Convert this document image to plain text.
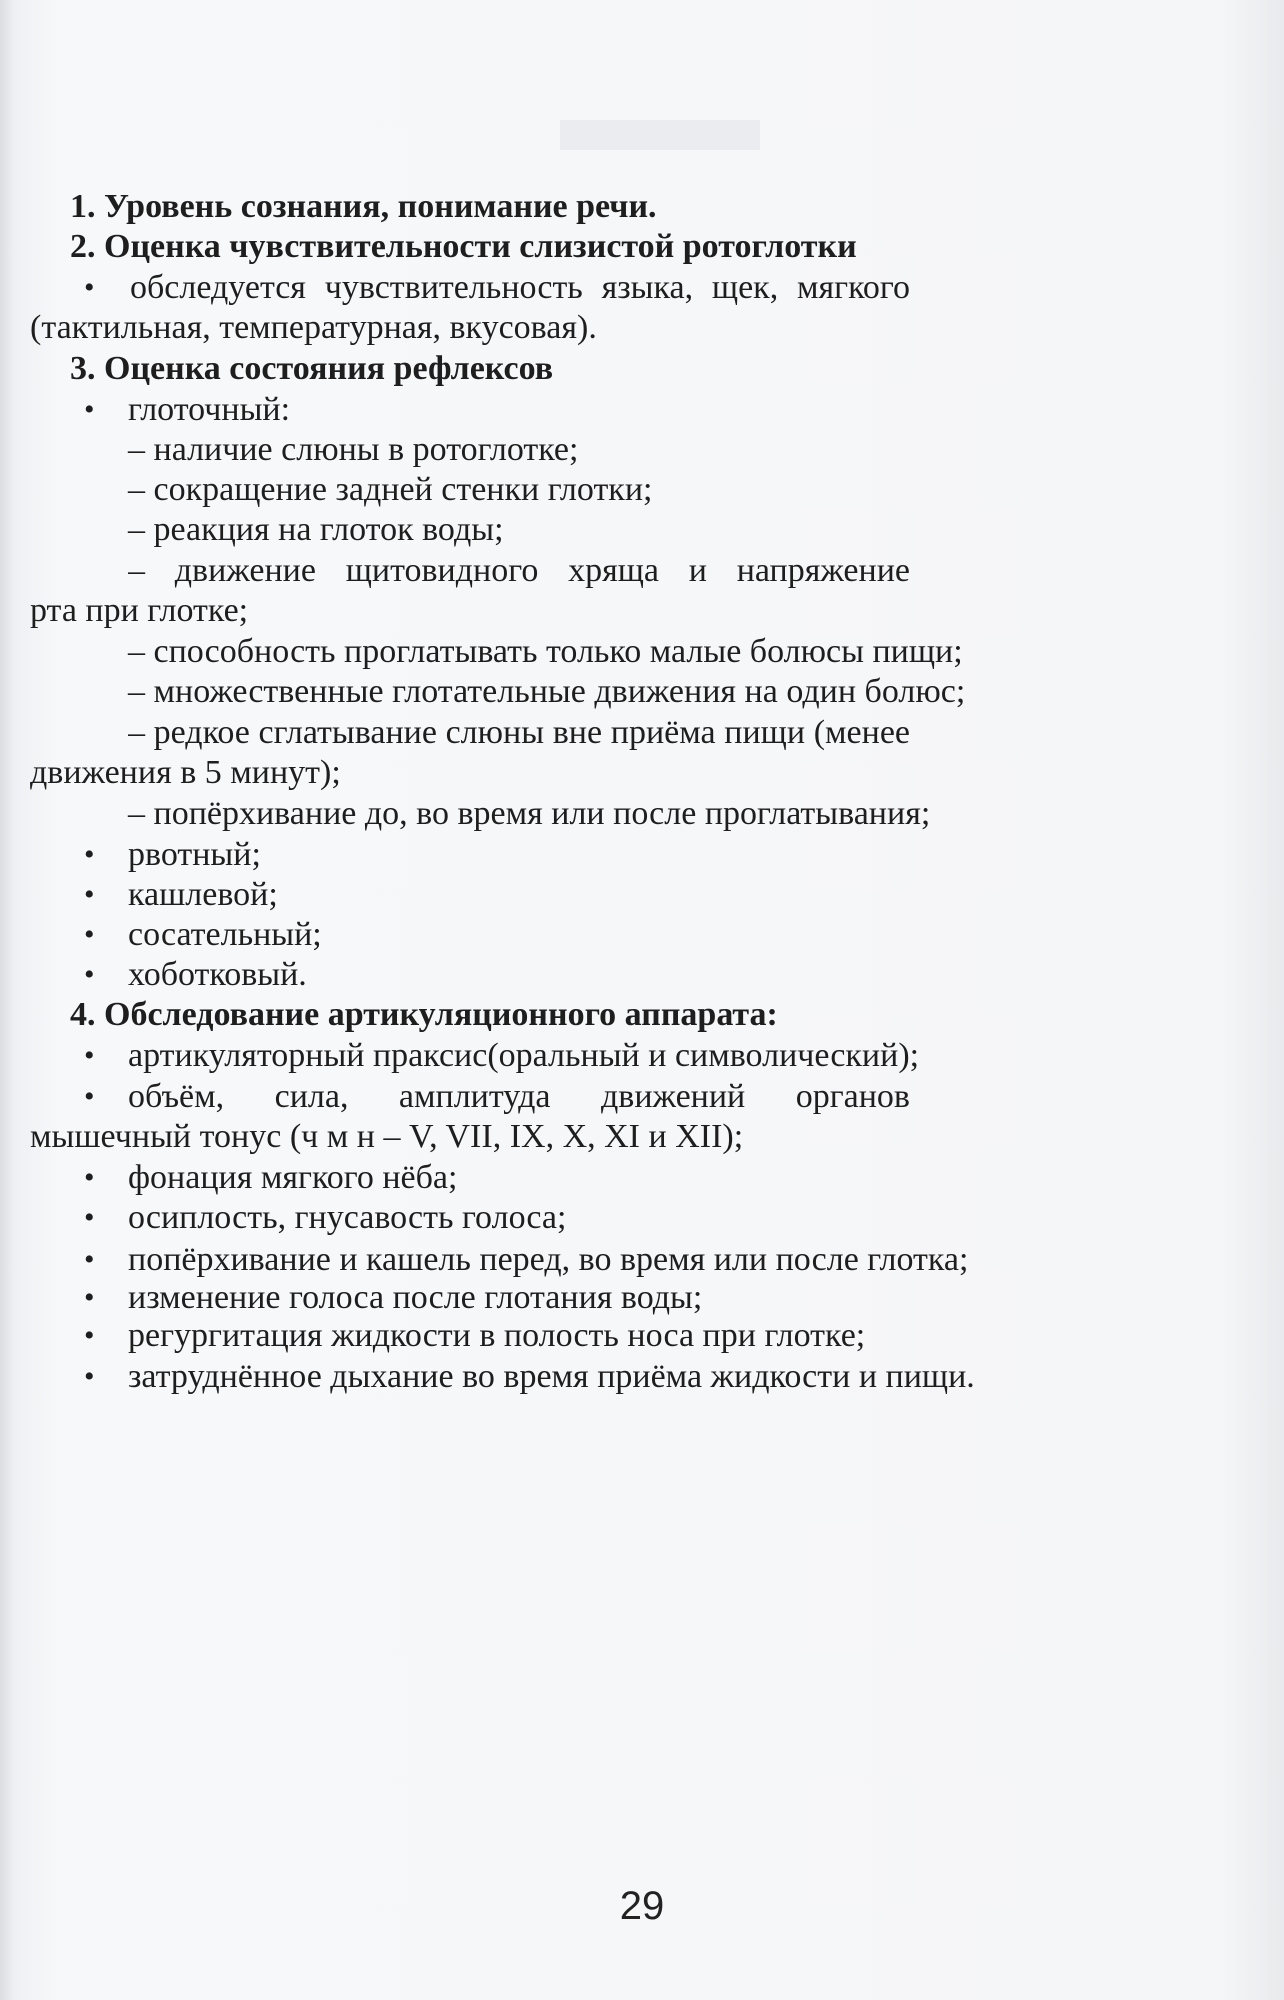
1. Уровень сознания, понимание речи.
2. Оценка чувствительности слизистой ротоглотки
• обследуется чувствительность языка, щек, мягкого
(тактильная, температурная, вкусовая).
3. Оценка состояния рефлексов
• глоточный:
– наличие слюны в ротоглотке;
– сокращение задней стенки глотки;
– реакция на глоток воды;
– движение щитовидного хряща и напряжение
рта при глотке;
– способность проглатывать только малые болюсы пищи;
– множественные глотательные движения на один болюс;
– редкое сглатывание слюны вне приёма пищи (менее
движения в 5 минут);
– попёрхивание до, во время или после проглатывания;
• рвотный;
• кашлевой;
• сосательный;
• хоботковый.
4. Обследование артикуляционного аппарата:
• артикуляторный праксис(оральный и символический);
• объём, сила, амплитуда движений органов
мышечный тонус (ч м н – V, VII, IX, X, XI и XII);
• фонация мягкого нёба;
• осиплость, гнусавость голоса;
• попёрхивание и кашель перед, во время или после глотка;
• изменение голоса после глотания воды;
• регургитация жидкости в полость носа при глотке;
• затруднённое дыхание во время приёма жидкости и пищи.
29
